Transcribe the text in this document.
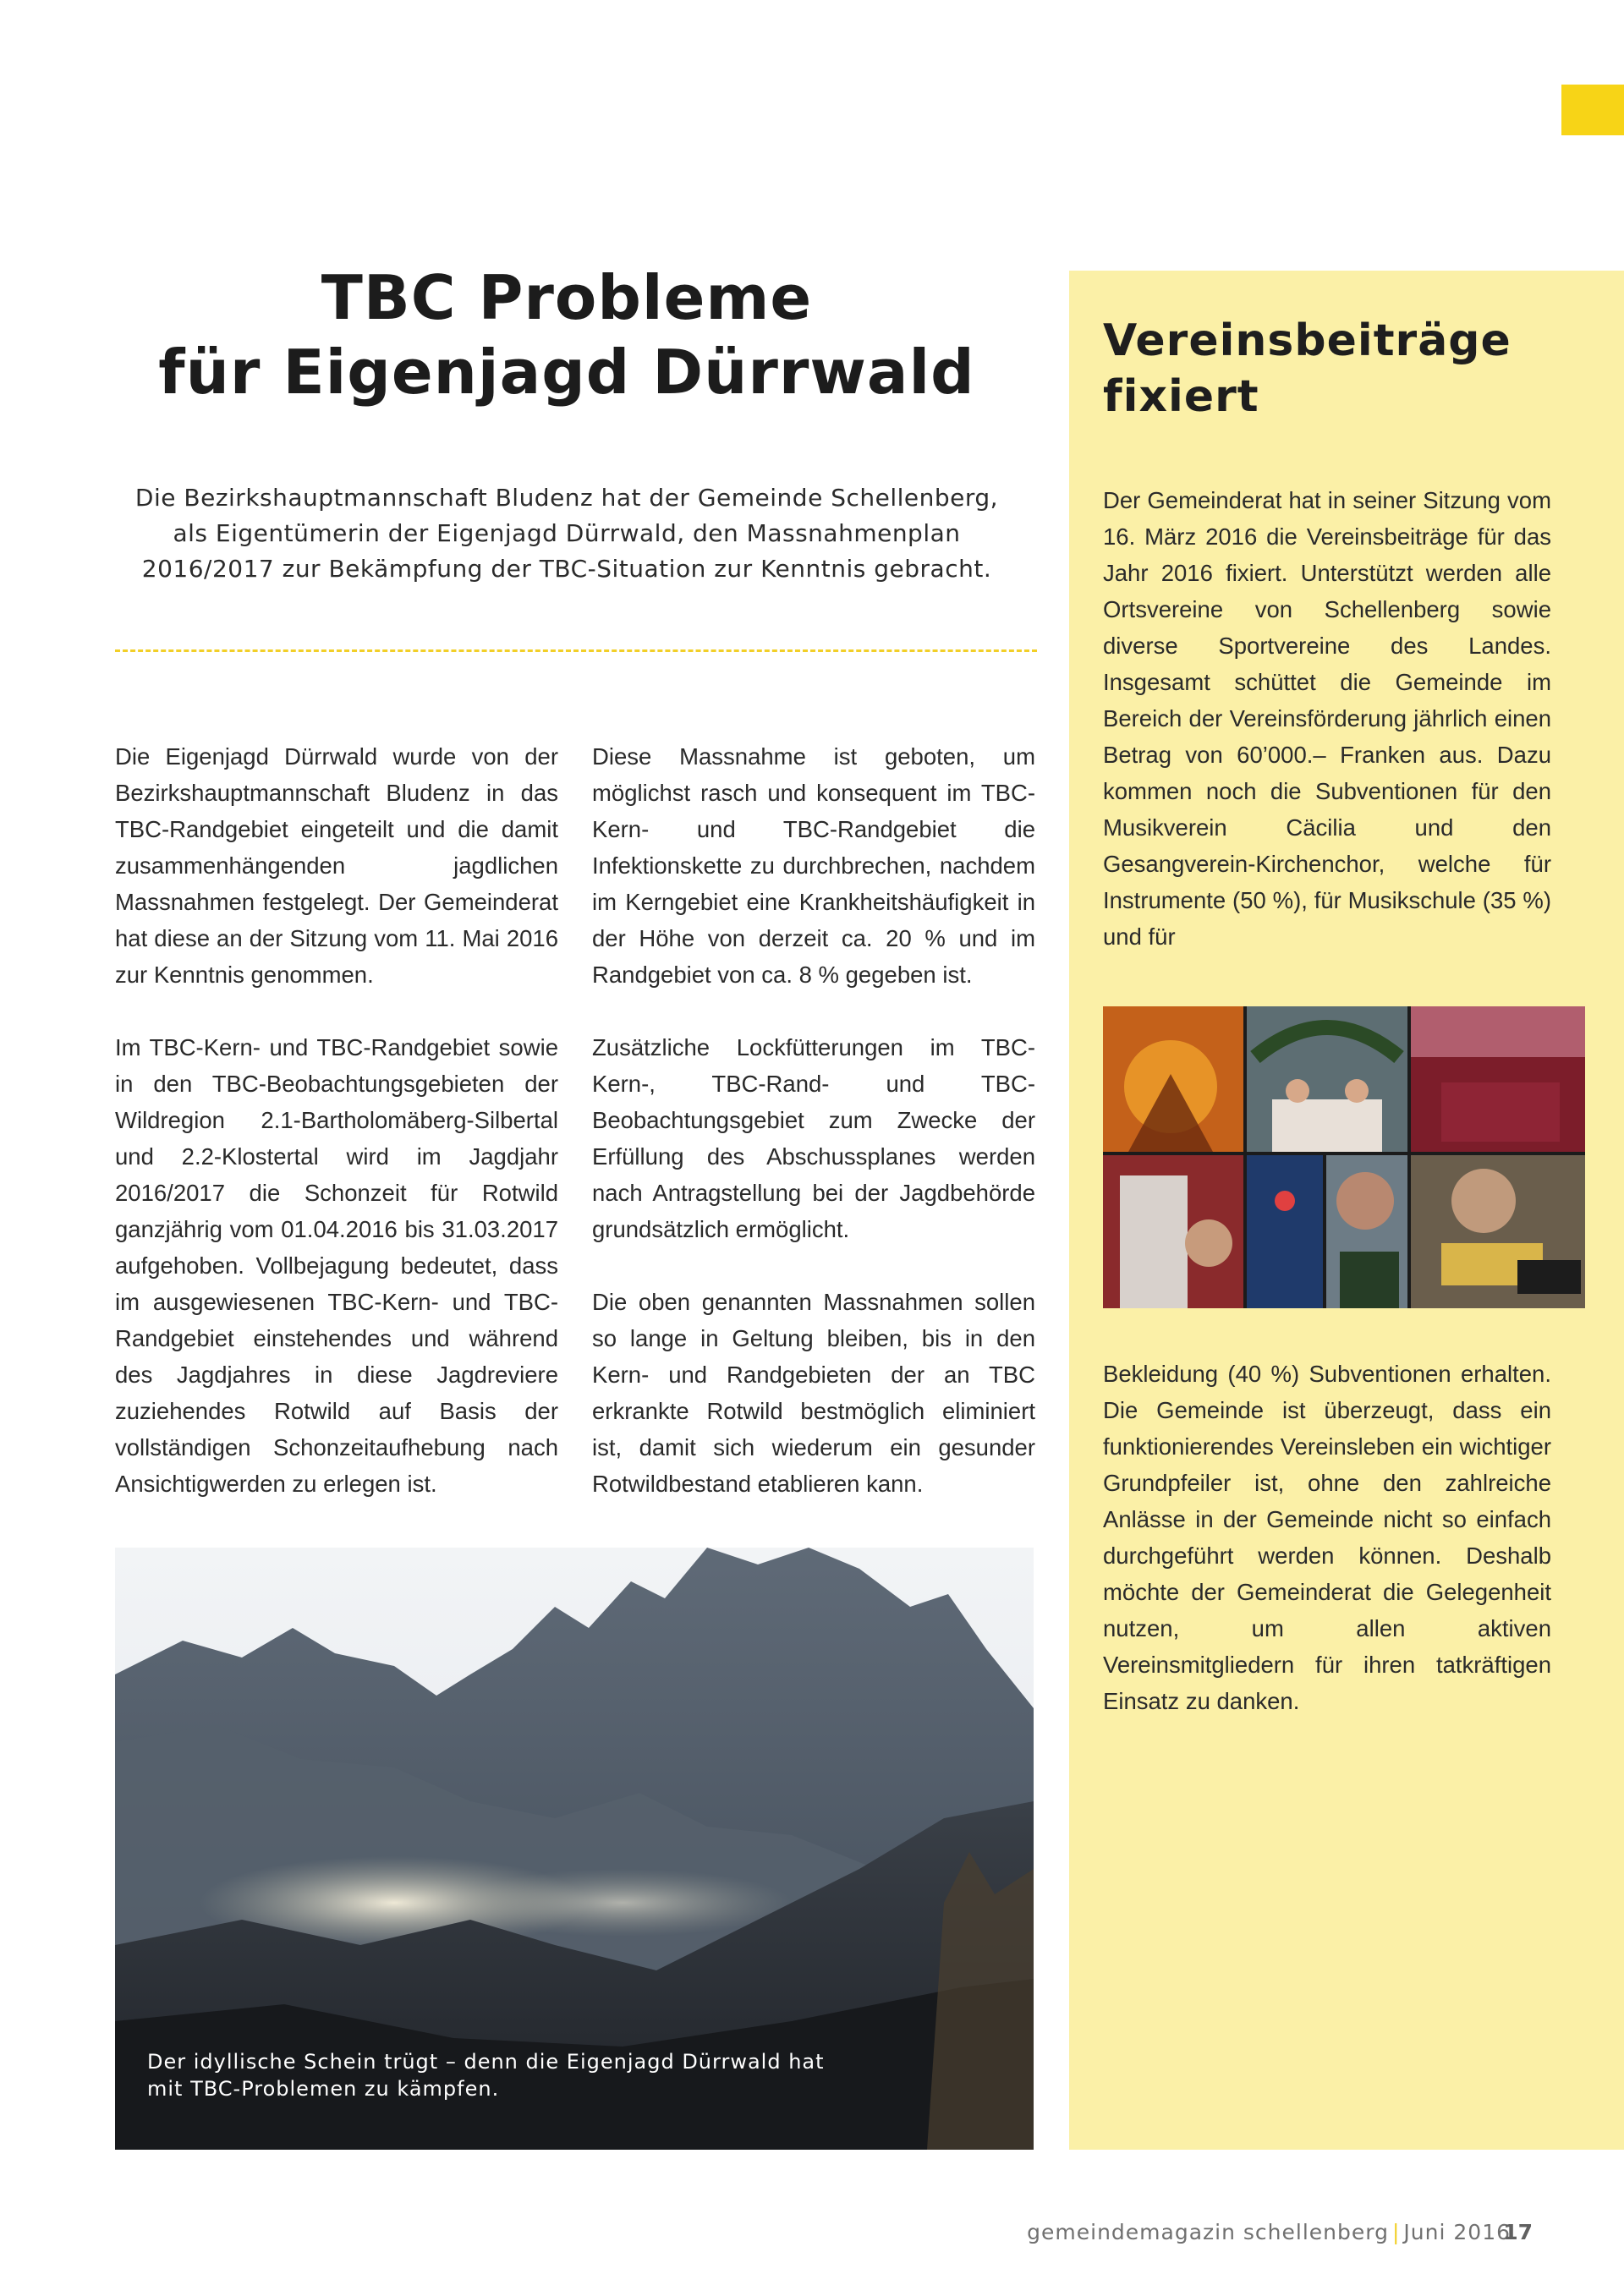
TBC Probleme
für Eigenjagd Dürrwald

Die Bezirkshauptmannschaft Bludenz hat der Gemeinde Schellenberg, als Eigentümerin der Eigenjagd Dürrwald, den Massnahmenplan 2016/2017 zur Bekämpfung der TBC-Situation zur Kenntnis gebracht.

Die Eigenjagd Dürrwald wurde von der Bezirkshauptmannschaft Bludenz in das TBC-Randgebiet eingeteilt und die damit zusammenhängenden jagdlichen Massnahmen festgelegt. Der Gemeinderat hat diese an der Sitzung vom 11. Mai 2016 zur Kenntnis genommen.

Im TBC-Kern- und TBC-Randgebiet sowie in den TBC-Beobachtungsgebieten der Wildregion 2.1-Bartholomäberg-Silbertal und 2.2-Klostertal wird im Jagdjahr 2016/2017 die Schonzeit für Rotwild ganzjährig vom 01.04.2016 bis 31.03.2017 aufgehoben. Vollbejagung bedeutet, dass im ausgewiesenen TBC-Kern- und TBC-Randgebiet einstehendes und während des Jagdjahres in diese Jagdreviere zuziehendes Rotwild auf Basis der vollständigen Schonzeitaufhebung nach Ansichtigwerden zu erlegen ist.

Diese Massnahme ist geboten, um möglichst rasch und konsequent im TBC-Kern- und TBC-Randgebiet die Infektionskette zu durchbrechen, nachdem im Kerngebiet eine Krankheitshäufigkeit in der Höhe von derzeit ca. 20 % und im Randgebiet von ca. 8 % gegeben ist.

Zusätzliche Lockfütterungen im TBC-Kern-, TBC-Rand- und TBC-Beobachtungsgebiet zum Zwecke der Erfüllung des Abschussplanes werden nach Antragstellung bei der Jagdbehörde grundsätzlich ermöglicht.

Die oben genannten Massnahmen sollen so lange in Geltung bleiben, bis in den Kern- und Randgebieten der an TBC erkrankte Rotwild bestmöglich eliminiert ist, damit sich wiederum ein gesunder Rotwildbestand etablieren kann.

Der idyllische Schein trügt – denn die Eigenjagd Dürrwald hat mit TBC-Problemen zu kämpfen.

Vereinsbeiträge fixiert

Der Gemeinderat hat in seiner Sitzung vom 16. März 2016 die Vereinsbeiträge für das Jahr 2016 fixiert. Unterstützt werden alle Ortsvereine von Schellenberg sowie diverse Sportvereine des Landes. Insgesamt schüttet die Gemeinde im Bereich der Vereinsförderung jährlich einen Betrag von 60’000.– Franken aus. Dazu kommen noch die Subventionen für den Musikverein Cäcilia und den Gesangverein-Kirchenchor, welche für Instrumente (50 %), für Musikschule (35 %) und für

Bekleidung (40 %) Subventionen erhalten. Die Gemeinde ist überzeugt, dass ein funktionierendes Vereinsleben ein wichtiger Grundpfeiler ist, ohne den zahlreiche Anlässe in der Gemeinde nicht so einfach durchgeführt werden können. Deshalb möchte der Gemeinderat die Gelegenheit nutzen, um allen aktiven Vereinsmitgliedern für ihren tatkräftigen Einsatz zu danken.

gemeindemagazin schellenberg | Juni 2016
17
